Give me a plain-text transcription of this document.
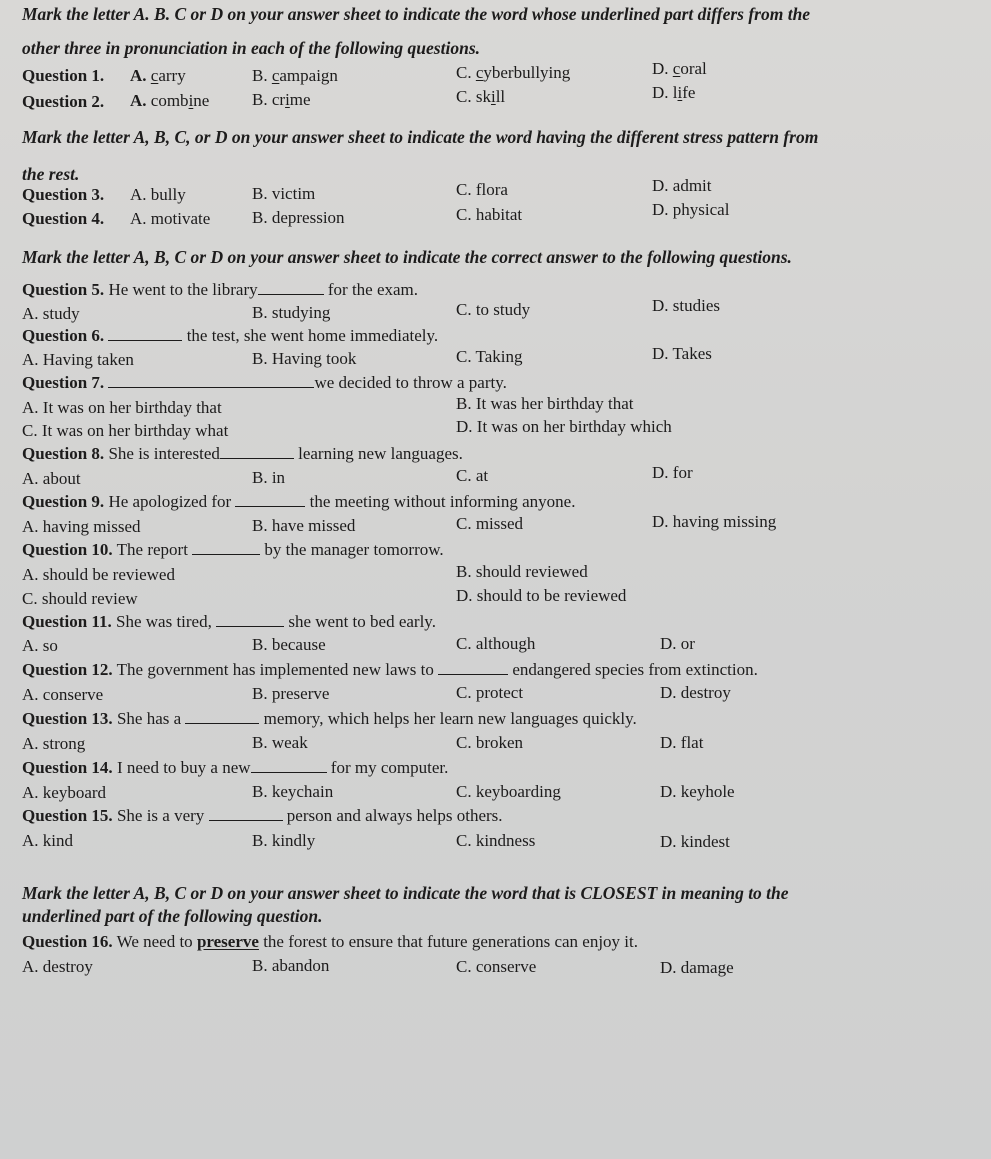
Mark the letter A. B. C or D on your answer sheet to indicate the word whose underlined part differs from the
other three in pronunciation in each of the following questions.
Question 1. A. carry	B. campaign	C. cyberbullying	D. coral
Question 2. A. combine	B. crime	C. skill	D. life
Mark the letter A, B, C, or D on your answer sheet to indicate the word having the different stress pattern from
the rest.
Question 3. A. bully	B. victim	C. flora	D. admit
Question 4. A. motivate B. depression	C. habitat	D. physical
Mark the letter A, B, C or D on your answer sheet to indicate the correct answer to the following questions.
Question 5. He went to the library	for the exam.
A. study	B. studying	C. to study	D. studies
Question 6.	the test, she went home immediately.
A. Having taken	B. Having took	C. Taking	D. Takes
Question 7.	we decided to throw a party.
A. It was on her birthday that	B. It was her birthday that
C. It was on her birthday what	D. It was on her birthday which
Question 8. She is interested	learning new languages.
A. about	B. in	C. at	D. for
Question 9. He apologized for	the meeting without informing anyone.
A. having missed	B. have missed	C. missed	D. having missing
Question 10. The report	by the manager tomorrow.
A. should be reviewed	B. should reviewed
C. should review	D. should to be reviewed
Question 11. She was tired,	she went to bed early.
A. so	B. because	C. although	D. or
Question 12. The government has implemented new laws to	endangered species from extinction.
A. conserve	B. preserve	C. protect	D. destroy
Question 13. She has a	memory, which helps her learn new languages quickly.
A. strong	B. weak	C. broken	D. flat
Question 14. I need to buy a new	for my computer.
A. keyboard	B. keychain	C. keyboarding	D. keyhole
Question 15. She is a very	person and always helps others.
A. kind	B. kindly	C. kindness	D. kindest
Mark the letter A, B, C or D on your answer sheet to indicate the word that is CLOSEST in meaning to the
underlined part of the following question.
Question 16. We need to preserve the forest to ensure that future generations can enjoy it.
A. destroy	B. abandon	C. conserve	D. damage
